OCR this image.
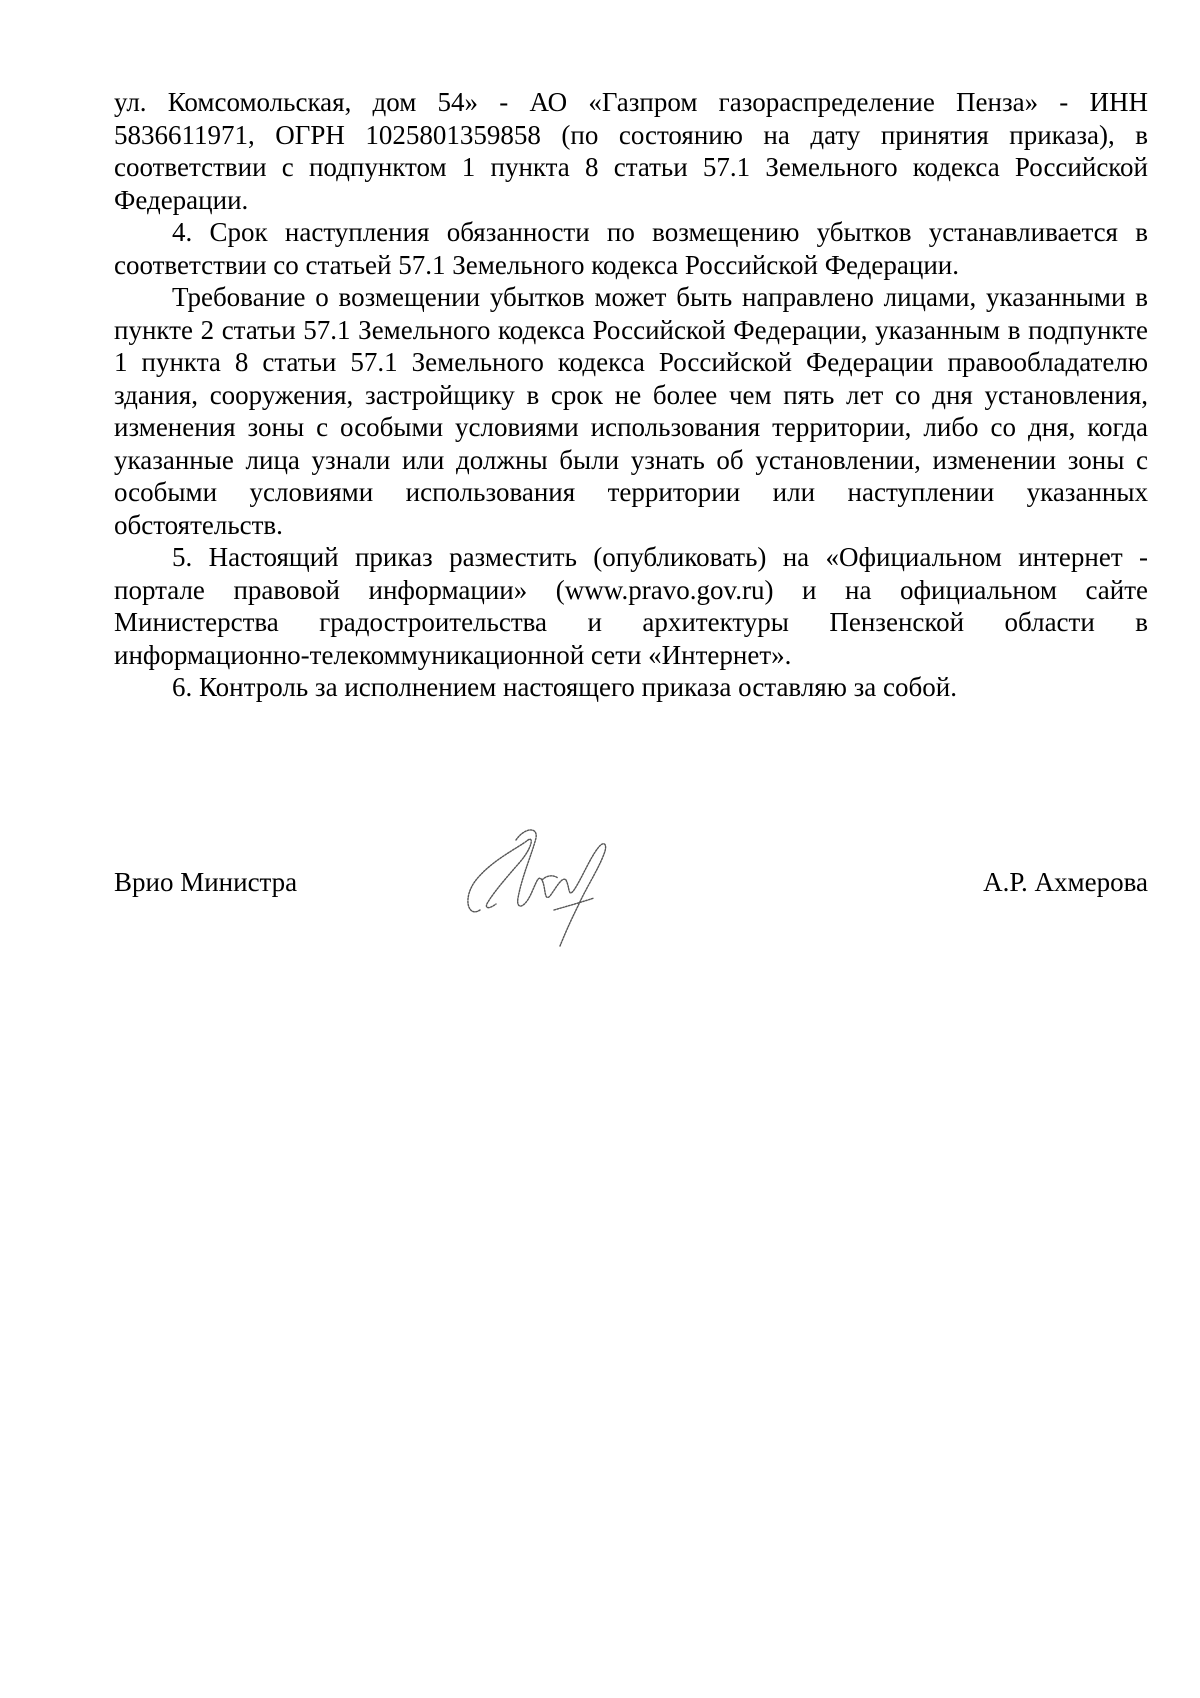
ул. Комсомольская, дом 54» - АО «Газпром газораспределение Пенза» - ИНН 5836611971, ОГРН 1025801359858 (по состоянию на дату принятия приказа), в соответствии с подпунктом 1 пункта 8 статьи 57.1 Земельного кодекса Российской Федерации.

4. Срок наступления обязанности по возмещению убытков устанавливается в соответствии со статьей 57.1 Земельного кодекса Российской Федерации.

Требование о возмещении убытков может быть направлено лицами, указанными в пункте 2 статьи 57.1 Земельного кодекса Российской Федерации, указанным в подпункте 1 пункта 8 статьи 57.1 Земельного кодекса Российской Федерации правообладателю здания, сооружения, застройщику в срок не более чем пять лет со дня установления, изменения зоны с особыми условиями использования территории, либо со дня, когда указанные лица узнали или должны были узнать об установлении, изменении зоны с особыми условиями использования территории или наступлении указанных обстоятельств.

5. Настоящий приказ разместить (опубликовать) на «Официальном интернет - портале правовой информации» (www.pravo.gov.ru) и на официальном сайте Министерства градостроительства и архитектуры Пензенской области в информационно-телекоммуникационной сети «Интернет».

6. Контроль за исполнением настоящего приказа оставляю за собой.

Врио Министра	А.Р. Ахмерова
